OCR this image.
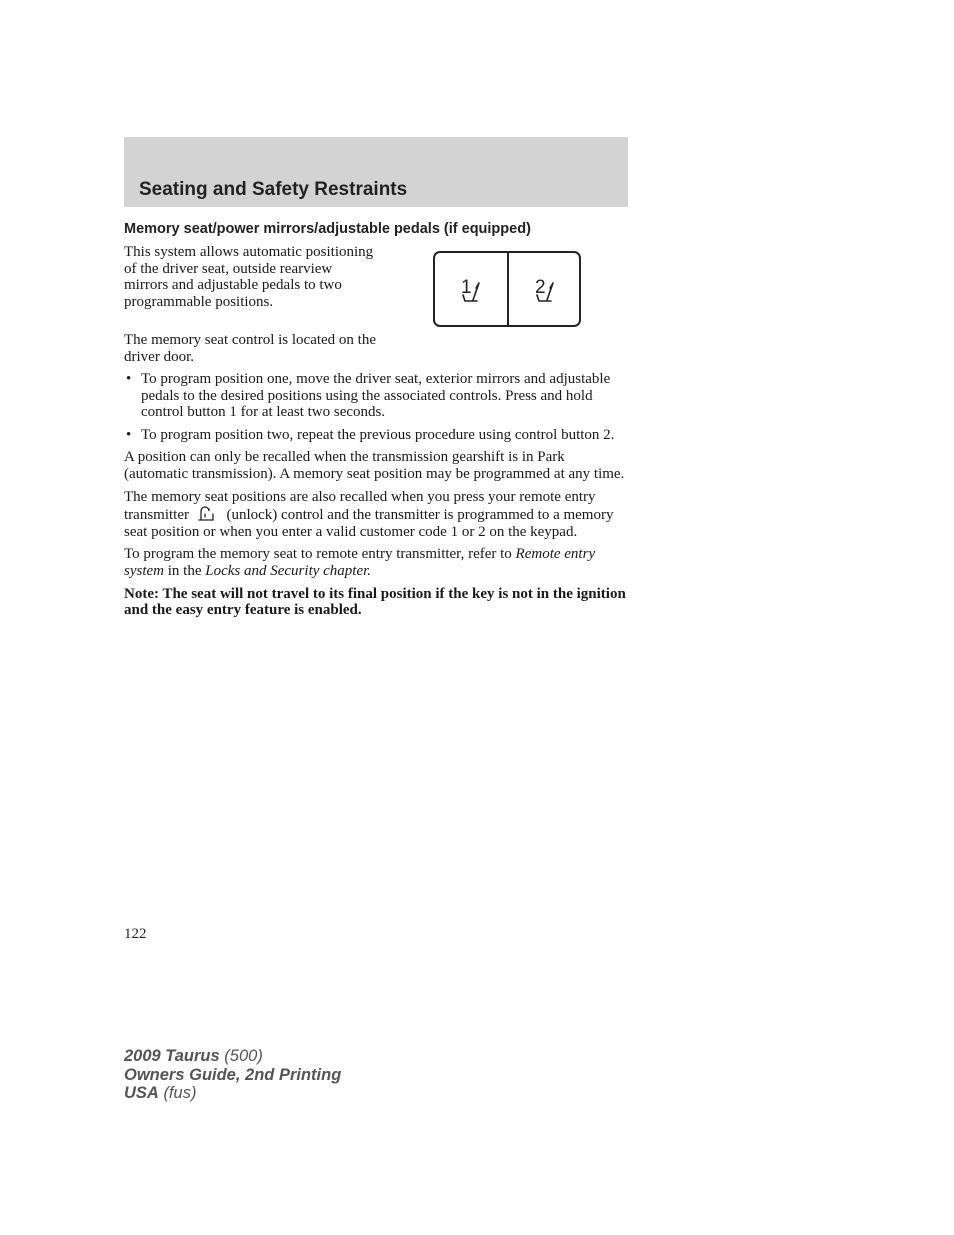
Seating and Safety Restraints
Memory seat/power mirrors/adjustable pedals (if equipped)

This system allows automatic positioning of the driver seat, outside rearview mirrors and adjustable pedals to two programmable positions.

The memory seat control is located on the driver door.

1	2
• To program position one, move the driver seat, exterior mirrors and adjustable pedals to the desired positions using the associated controls. Press and hold control button 1 for at least two seconds.
• To program position two, repeat the previous procedure using control button 2.

A position can only be recalled when the transmission gearshift is in Park (automatic transmission). A memory seat position may be programmed at any time.

The memory seat positions are also recalled when you press your remote entry transmitter	(unlock) control and the transmitter is programmed to a memory seat position or when you enter a valid customer code 1 or 2 on the keypad.

To program the memory seat to remote entry transmitter, refer to Remote entry system in the Locks and Security chapter.

Note: The seat will not travel to its final position if the key is not in the ignition and the easy entry feature is enabled.

122
2009 Taurus (500)
Owners Guide, 2nd Printing
USA (fus)
